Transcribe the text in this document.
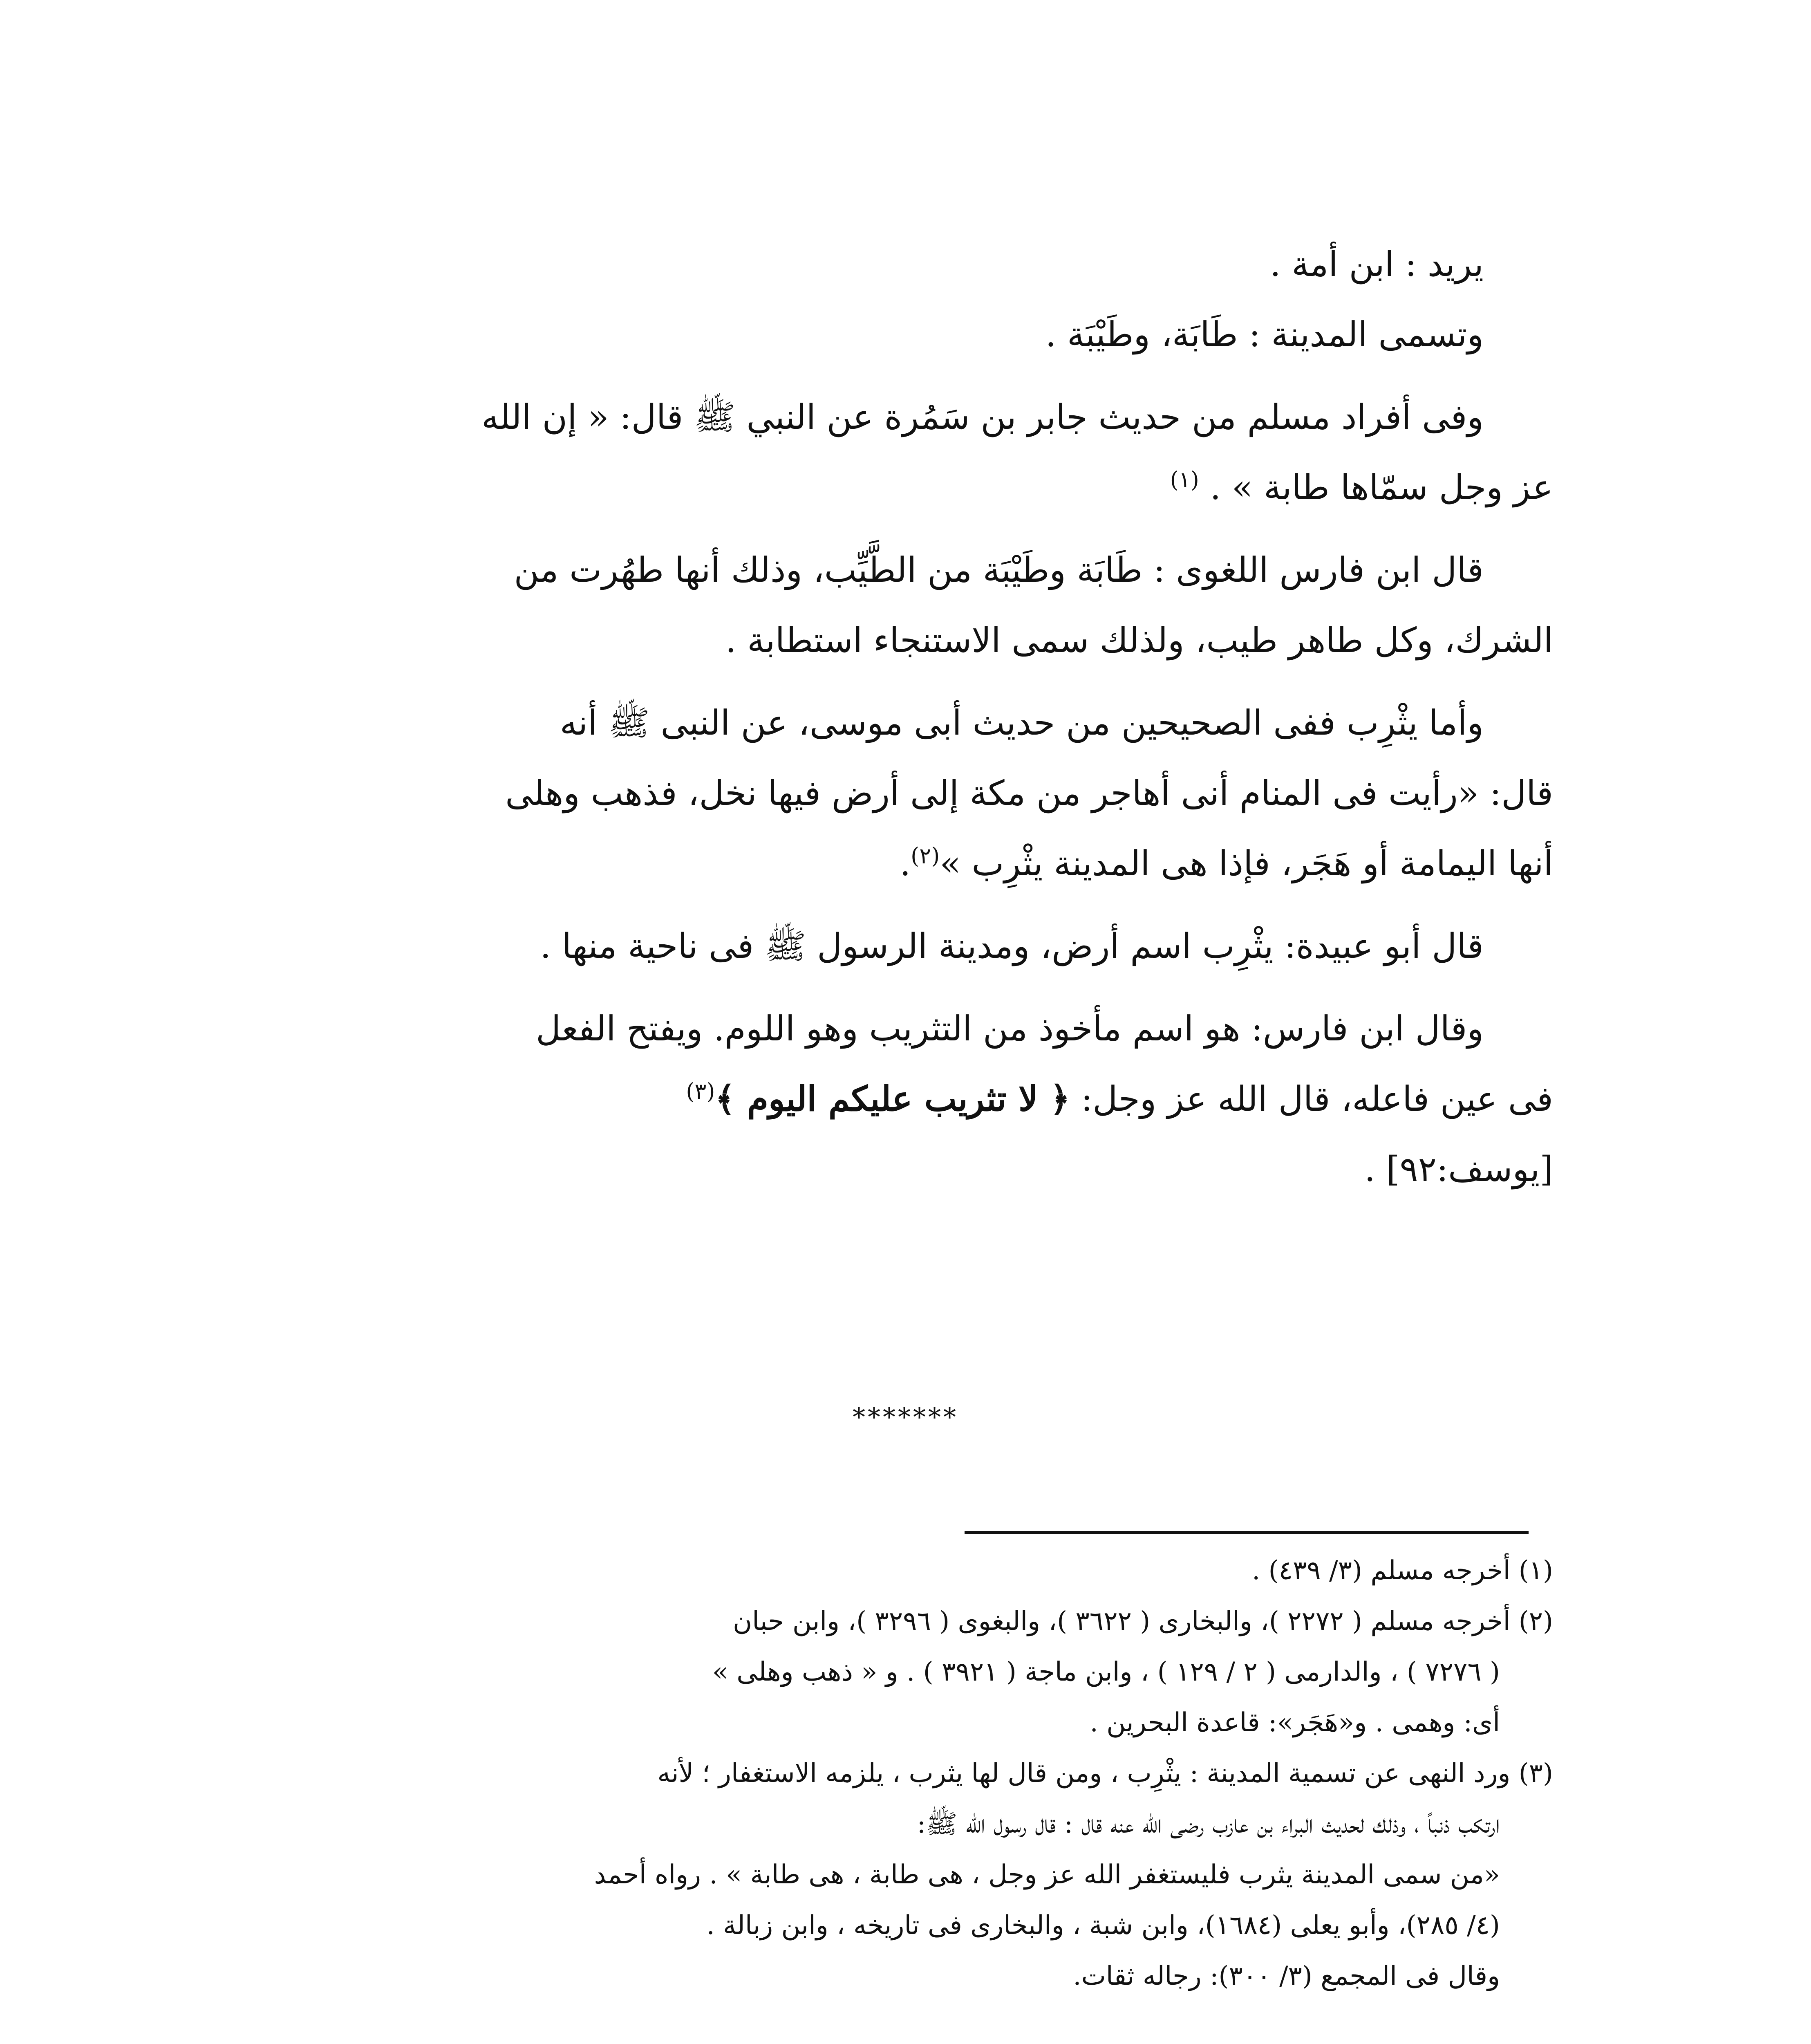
يريد : ابن أمة .

وتسمى المدينة : طَابَة، وطَيْبَة .

وفى أفراد مسلم من حديث جابر بن سَمُرة عن النبي ﷺ قال: « إن الله

عز وجل سمّاها طابة » . $^{(١)}$

قال ابن فارس اللغوى : طَابَة وطَيْبَة من الطَّيِّب، وذلك أنها طهُرت من

الشرك، وكل طاهر طيب، ولذلك سمى الاستنجاء استطابة .

وأما يثْرِب ففى الصحيحين من حديث أبى موسى، عن النبى ﷺ أنه

قال: «رأيت فى المنام أنى أهاجر من مكة إلى أرض فيها نخل، فذهب وهلى

أنها اليمامة أو هَجَر، فإذا هى المدينة يثْرِب »$^{(٢)}$.

قال أبو عبيدة: يثْرِب اسم أرض، ومدينة الرسول ﷺ فى ناحية منها .

وقال ابن فارس: هو اسم مأخوذ من التثريب وهو اللوم. ويفتح الفعل

فى عين فاعله، قال الله عز وجل: ﴿ لا تثريب عليكم اليوم ﴾$^{(٣)}$

[يوسف:٩٢] .

*******

(١) أخرجه مسلم (٣/ ٤٣٩) .

(٢) أخرجه مسلم ( ٢٢٧٢ )، والبخارى ( ٣٦٢٢ )، والبغوى ( ٣٢٩٦ )، وابن حبان

( ٧٢٧٦ ) ، والدارمى ( ٢ / ١٢٩ ) ، وابن ماجة ( ٣٩٢١ ) . و « ذهب وهلى »

أى: وهمى . و«هَجَر»: قاعدة البحرين .

(٣) ورد النهى عن تسمية المدينة : يثْرِب ، ومن قال لها يثرب ، يلزمه الاستغفار ؛ لأنه

ارتكب ذنباً ، وذلك لحديث البراء بن عازب رضى الله عنه قال : قال رسول الله ﷺ:

«من سمى المدينة يثرب فليستغفر الله عز وجل ، هى طابة ، هى طابة » . رواه أحمد

(٤/ ٢٨٥)، وأبو يعلى (١٦٨٤)، وابن شبة ، والبخارى فى تاريخه ، وابن زبالة .

وقال فى المجمع (٣/ ٣٠٠): رجاله ثقات.
